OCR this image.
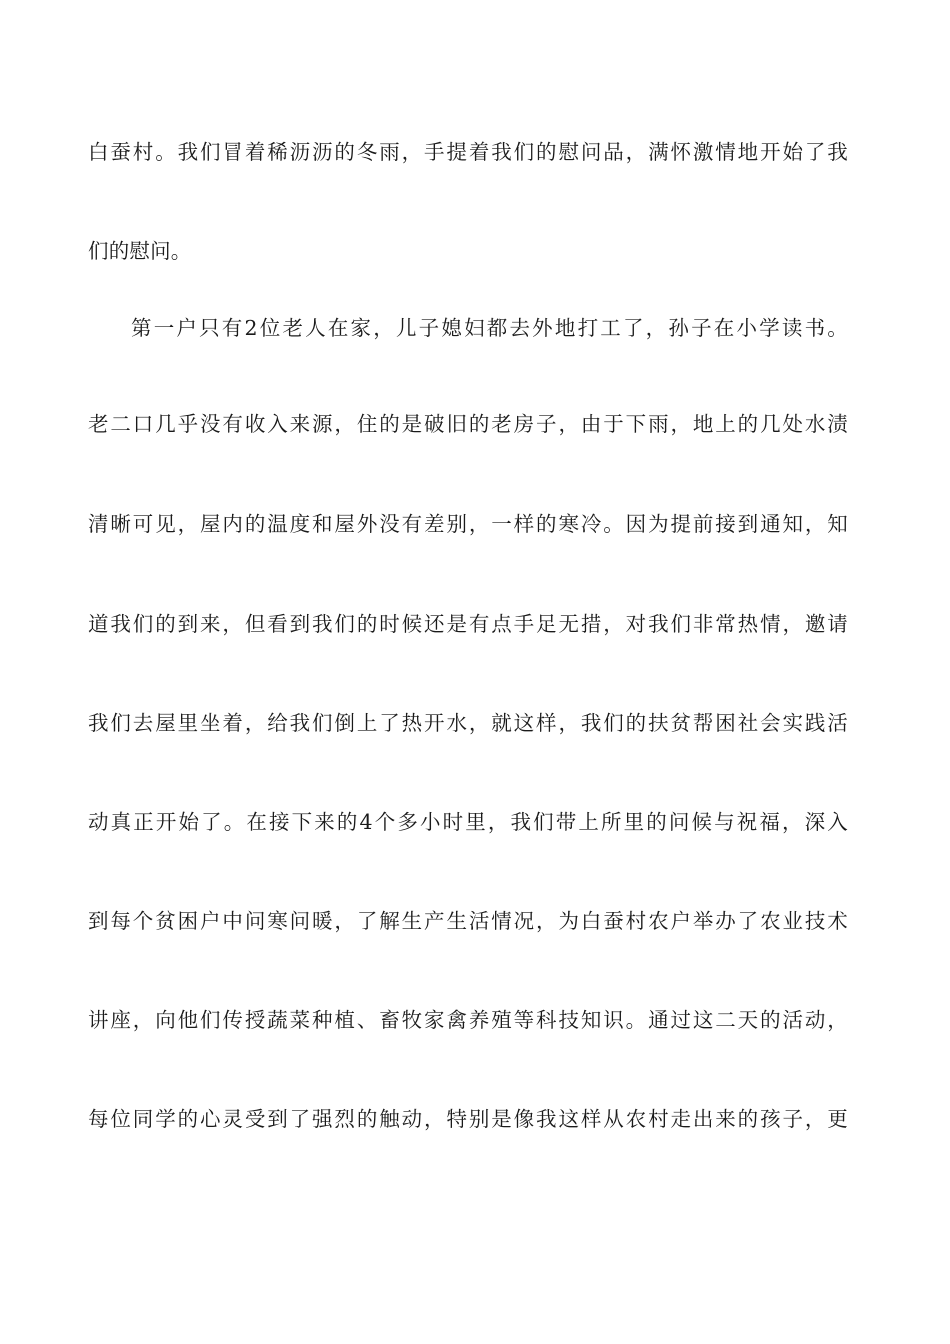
白蚕村。我们冒着稀沥沥的冬雨，手提着我们的慰问品，满怀激情地开始了我

们的慰问。

第一户只有2位老人在家，儿子媳妇都去外地打工了，孙子在小学读书。

老二口几乎没有收入来源，住的是破旧的老房子，由于下雨，地上的几处水渍

清晰可见，屋内的温度和屋外没有差别，一样的寒冷。因为提前接到通知，知

道我们的到来，但看到我们的时候还是有点手足无措，对我们非常热情，邀请

我们去屋里坐着，给我们倒上了热开水，就这样，我们的扶贫帮困社会实践活

动真正开始了。在接下来的4个多小时里，我们带上所里的问候与祝福，深入

到每个贫困户中问寒问暖，了解生产生活情况，为白蚕村农户举办了农业技术

讲座，向他们传授蔬菜种植、畜牧家禽养殖等科技知识。通过这二天的活动，

每位同学的心灵受到了强烈的触动，特别是像我这样从农村走出来的孩子，更
